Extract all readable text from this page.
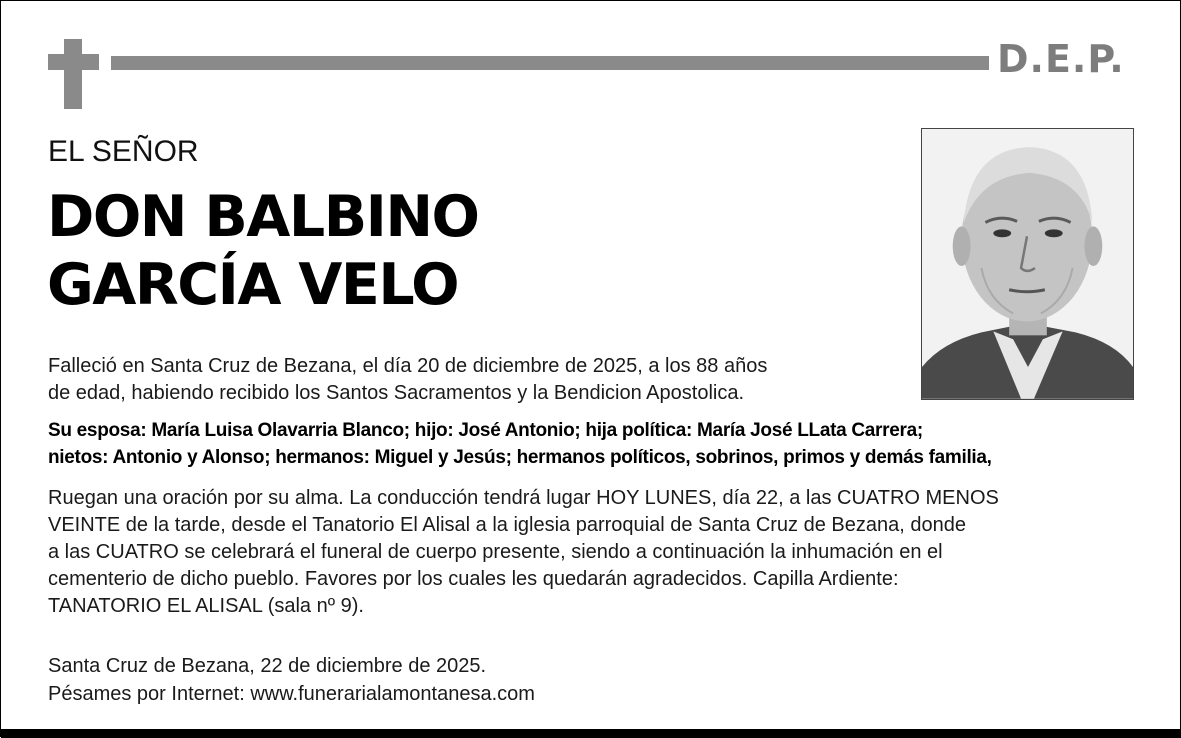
D.E.P.
EL SEÑOR
DON BALBINO
GARCÍA VELO

Falleció en Santa Cruz de Bezana, el día 20 de diciembre de 2025, a los 88 años
de edad, habiendo recibido los Santos Sacramentos y la Bendicion Apostolica.

Su esposa: María Luisa Olavarria Blanco; hijo: José Antonio; hija política: María José LLata Carrera;
nietos: Antonio y Alonso; hermanos: Miguel y Jesús; hermanos políticos, sobrinos, primos y demás familia,

Ruegan una oración por su alma. La conducción tendrá lugar HOY LUNES, día 22, a las CUATRO MENOS
VEINTE de la tarde, desde el Tanatorio El Alisal a la iglesia parroquial de Santa Cruz de Bezana, donde
a las CUATRO se celebrará el funeral de cuerpo presente, siendo a continuación la inhumación en el
cementerio de dicho pueblo. Favores por los cuales les quedarán agradecidos. Capilla Ardiente:
TANATORIO EL ALISAL (sala nº 9).

Santa Cruz de Bezana, 22 de diciembre de 2025.

Pésames por Internet: www.funerarialamontanesa.com
